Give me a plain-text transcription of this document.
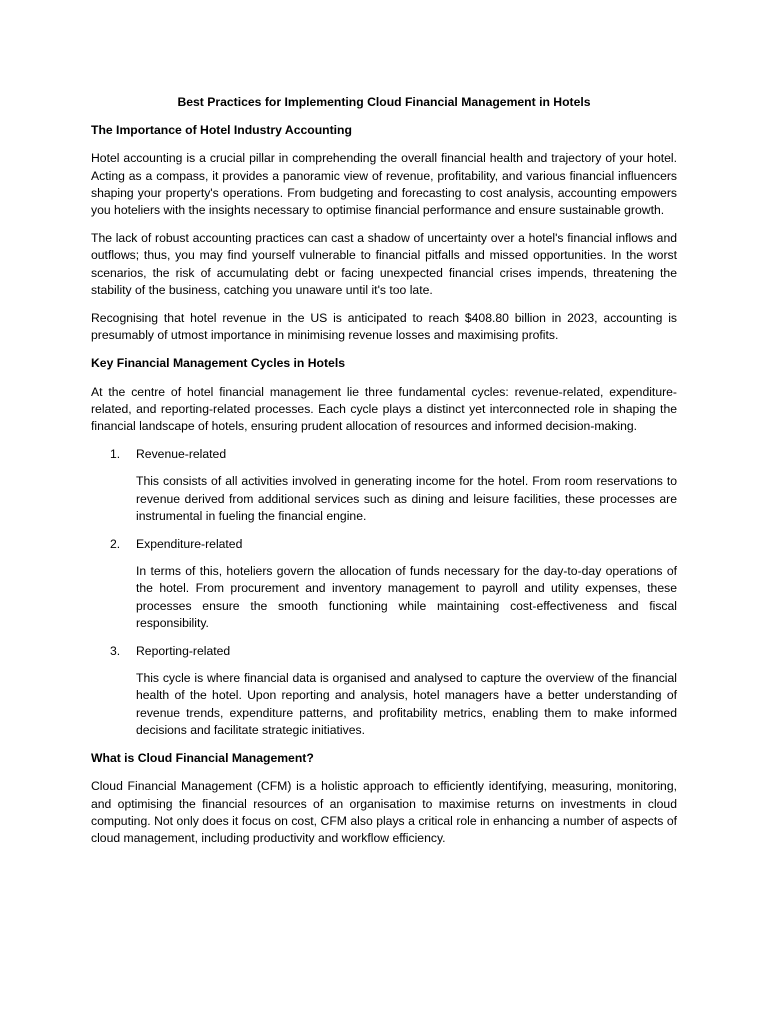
Best Practices for Implementing Cloud Financial Management in Hotels
The Importance of Hotel Industry Accounting

Hotel accounting is a crucial pillar in comprehending the overall financial health and trajectory of your hotel. Acting as a compass, it provides a panoramic view of revenue, profitability, and various financial influencers shaping your property's operations. From budgeting and forecasting to cost analysis, accounting empowers you hoteliers with the insights necessary to optimise financial performance and ensure sustainable growth.

The lack of robust accounting practices can cast a shadow of uncertainty over a hotel's financial inflows and outflows; thus, you may find yourself vulnerable to financial pitfalls and missed opportunities. In the worst scenarios, the risk of accumulating debt or facing unexpected financial crises impends, threatening the stability of the business, catching you unaware until it's too late.

Recognising that hotel revenue in the US is anticipated to reach $408.80 billion in 2023, accounting is presumably of utmost importance in minimising revenue losses and maximising profits.

Key Financial Management Cycles in Hotels

At the centre of hotel financial management lie three fundamental cycles: revenue-related, expenditure-related, and reporting-related processes. Each cycle plays a distinct yet interconnected role in shaping the financial landscape of hotels, ensuring prudent allocation of resources and informed decision-making.

1.	Revenue-related
This consists of all activities involved in generating income for the hotel. From room reservations to revenue derived from additional services such as dining and leisure facilities, these processes are instrumental in fueling the financial engine.
2.	Expenditure-related
In terms of this, hoteliers govern the allocation of funds necessary for the day-to-day operations of the hotel. From procurement and inventory management to payroll and utility expenses, these processes ensure the smooth functioning while maintaining cost-effectiveness and fiscal responsibility.
3.	Reporting-related
This cycle is where financial data is organised and analysed to capture the overview of the financial health of the hotel. Upon reporting and analysis, hotel managers have a better understanding of revenue trends, expenditure patterns, and profitability metrics, enabling them to make informed decisions and facilitate strategic initiatives.
What is Cloud Financial Management?

Cloud Financial Management (CFM) is a holistic approach to efficiently identifying, measuring, monitoring, and optimising the financial resources of an organisation to maximise returns on investments in cloud computing. Not only does it focus on cost, CFM also plays a critical role in enhancing a number of aspects of cloud management, including productivity and workflow efficiency.
